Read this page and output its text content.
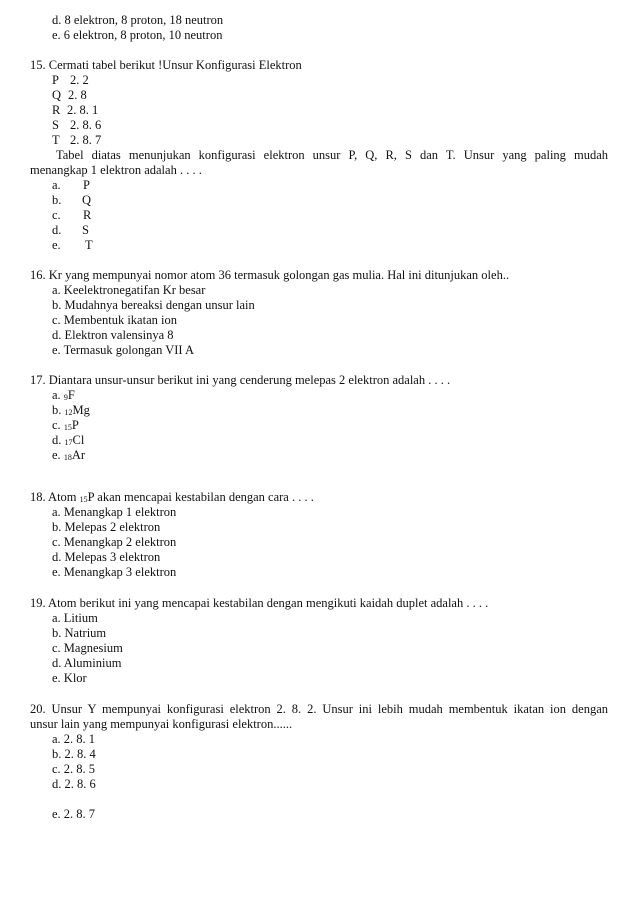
d. 8 elektron, 8 proton, 18 neutron
e. 6 elektron, 8 proton, 10 neutron
15. Cermati tabel berikut !Unsur Konfigurasi Elektron
P 2. 2
Q 2. 8
R 2. 8. 1
S 2. 8. 6
T 2. 8. 7
Tabel diatas menunjukan konfigurasi elektron unsur P, Q, R, S dan T. Unsur yang paling mudah
menangkap 1 elektron adalah . . . .
a. P
b. Q
c. R
d. S
e. T
16. Kr yang mempunyai nomor atom 36 termasuk golongan gas mulia. Hal ini ditunjukan oleh..
a. Keelektronegatifan Kr besar
b. Mudahnya bereaksi dengan unsur lain
c. Membentuk ikatan ion
d. Elektron valensinya 8
e. Termasuk golongan VII A
17. Diantara unsur-unsur berikut ini yang cenderung melepas 2 elektron adalah . . . .
a. $_9$F
b. $_{12}$Mg
c. $_{15}$P
d. $_{17}$Cl
e. $_{18}$Ar
18. Atom $_{15}$P akan mencapai kestabilan dengan cara . . . .
a. Menangkap 1 elektron
b. Melepas 2 elektron
c. Menangkap 2 elektron
d. Melepas 3 elektron
e. Menangkap 3 elektron
19. Atom berikut ini yang mencapai kestabilan dengan mengikuti kaidah duplet adalah . . . .
a. Litium
b. Natrium
c. Magnesium
d. Aluminium
e. Klor
20. Unsur Y mempunyai konfigurasi elektron 2. 8. 2. Unsur ini lebih mudah membentuk ikatan ion dengan
unsur lain yang mempunyai konfigurasi elektron......
a. 2. 8. 1
b. 2. 8. 4
c. 2. 8. 5
d. 2. 8. 6
e. 2. 8. 7
